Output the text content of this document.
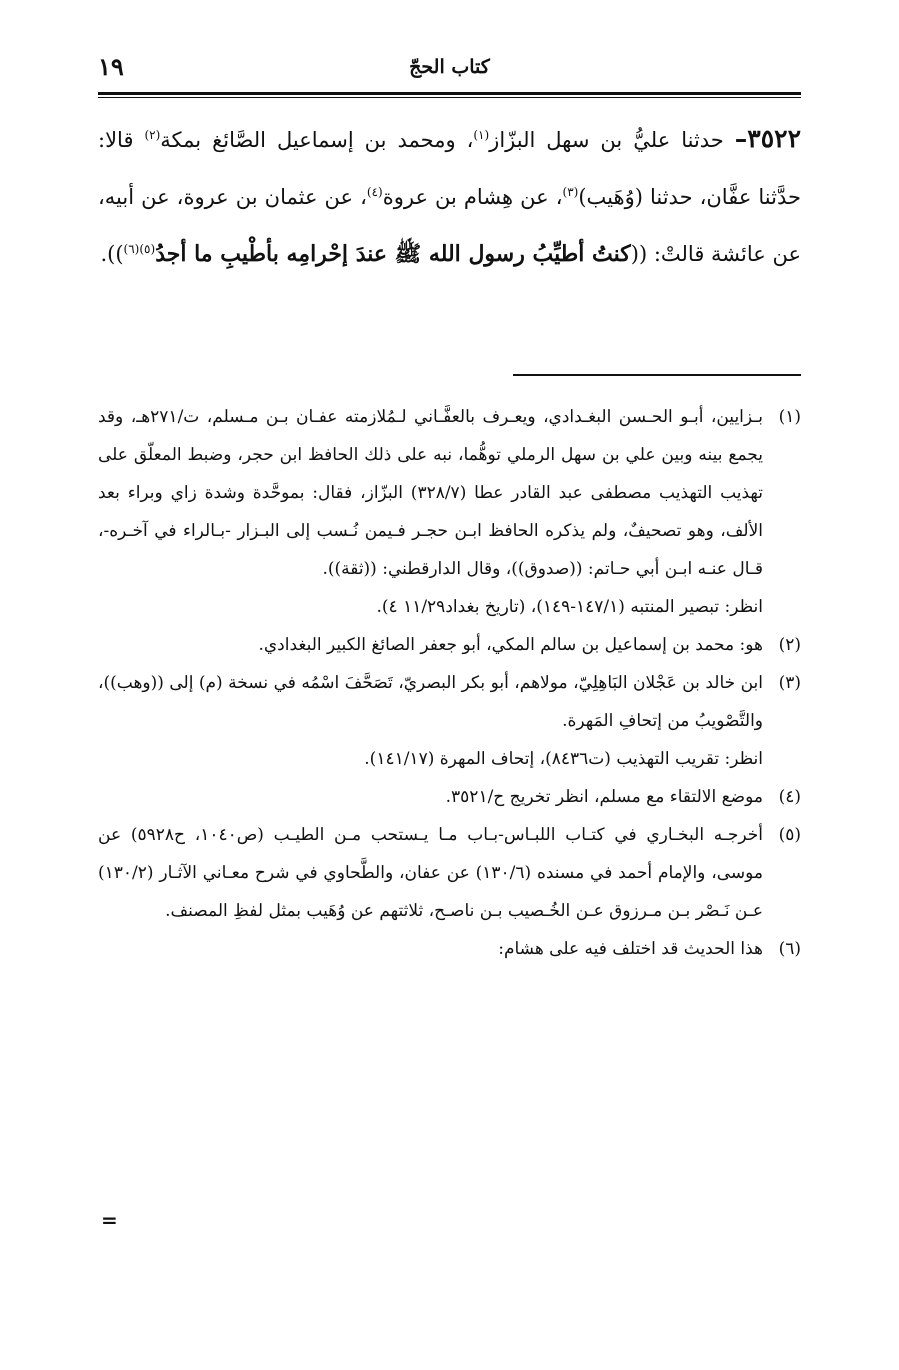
كتاب الحجّ
١٩
٣٥٢٢– حدثنا عليُّ بن سهل البزّاز$^{(١)}$، ومحمد بن إسماعيل الصَّائغ بمكة$^{(٢)}$ قالا: حدَّثنا عفَّان، حدثنا (وُهَيب)$^{(٣)}$، عن هِشام بن عروة$^{(٤)}$، عن عثمان بن عروة، عن أبيه، عن عائشة قالتْ: ((كنتُ أطيِّبُ رسول الله ﷺ عندَ إحْرامِه بأطْيبِ ما أجدُ$^{(٥)(٦)}$)).
(١)
بـزايين، أبـو الحـسن البغـدادي، ويعـرف بالعفَّـاني لـمُلازمته عفـان بـن مـسلم، ت/٢٧١هـ، وقد يجمع بينه وبين علي بن سهل الرملي توهُّما، نبه على ذلك الحافظ ابن حجر، وضبط المعلّق على تهذيب التهذيب مصطفى عبد القادر عطا (٣٢٨/٧) البزّاز، فقال: بموحَّدة وشدة زاي وبراء بعد الألف، وهو تصحيفٌ، ولم يذكره الحافظ ابـن حجـر فـيمن نُـسب إلى البـزار -بـالراء في آخـره-، قـال عنـه ابـن أبي حـاتم: ((صدوق))، وقال الدارقطني: ((ثقة)).
انظر: تبصير المنتبه (١٤٧/١-١٤٩)، (تاريخ بغداد١١/٢٩ ٤).
(٢)
هو: محمد بن إسماعيل بن سالم المكي، أبو جعفر الصائغ الكبير البغدادي.
(٣)
ابن خالد بن عَجْلان البَاهِلِيّ، مولاهم، أبو بكر البصريّ، تَصَحَّفَ اسْمُه في نسخة (م) إلى ((وهب))، والتَّصْويبُ من إتحافِ المَهرة.
انظر: تقريب التهذيب (ت٨٤٣٦)، إتحاف المهرة (١٤١/١٧).
(٤)
موضع الالتقاء مع مسلم، انظر تخريج ح/٣٥٢١.
(٥)
أخرجـه البخـاري في كتـاب اللبـاس-بـاب مـا يـستحب مـن الطيـب (ص١٠٤٠، ح٥٩٢٨) عن موسى، والإمام أحمد في مسنده (١٣٠/٦) عن عفان، والطَّحاوي في شرح معـاني الآثـار (١٣٠/٢) عـن نَـصْر بـن مـرزوق عـن الخُـصيب بـن ناصـح، ثلاثتهم عن وُهَيب بمثل لفظِ المصنف.
(٦)
هذا الحديث قد اختلف فيه على هشام:
=
